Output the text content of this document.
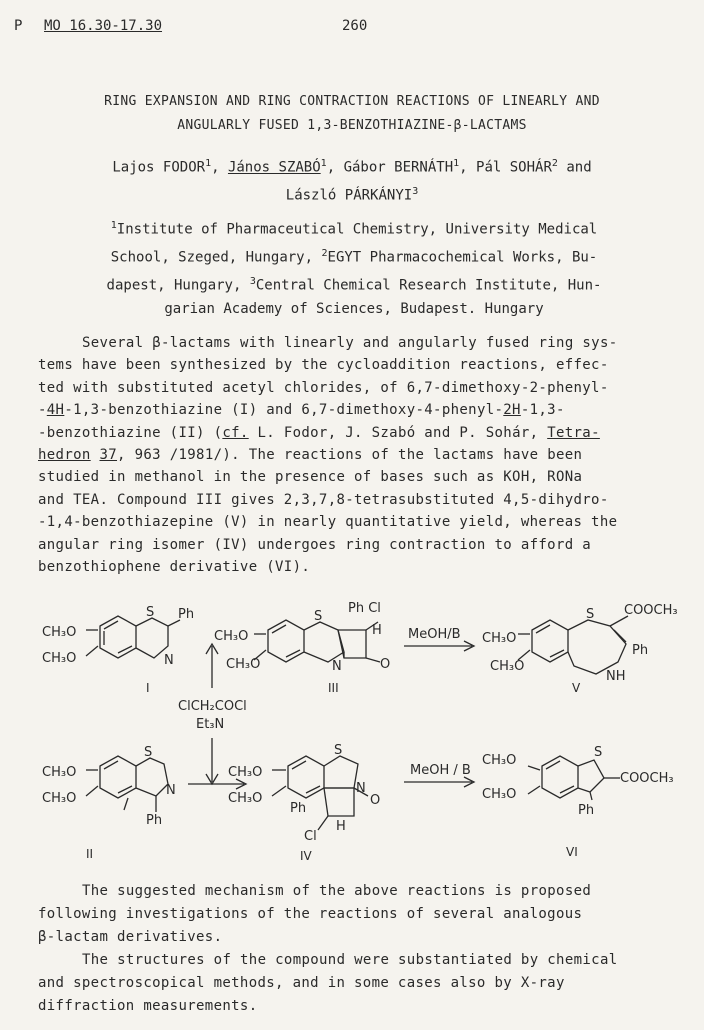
P MO 16.30-17.30	260
RING EXPANSION AND RING CONTRACTION REACTIONS OF LINEARLY AND
ANGULARLY FUSED 1,3-BENZOTHIAZINE-β-LACTAMS
Lajos FODOR$^1$, János SZABÓ$^1$, Gábor BERNÁTH$^1$, Pál SOHÁR$^2$ and
László PÁRKÁNYI$^3$
$^1$Institute of Pharmaceutical Chemistry, University Medical
School, Szeged, Hungary, $^2$EGYT Pharmacochemical Works, Bu-
dapest, Hungary, $^3$Central Chemical Research Institute, Hun-
garian Academy of Sciences, Budapest. Hungary
Several β-lactams with linearly and angularly fused ring sys-
tems have been synthesized by the cycloaddition reactions, effec-
ted with substituted acetyl chlorides, of 6,7-dimethoxy-2-phenyl-
-4H-1,3-benzothiazine (I) and 6,7-dimethoxy-4-phenyl-2H-1,3-
-benzothiazine (II) (cf. L. Fodor, J. Szabó and P. Sohár, Tetra-
hedron 37, 963 /1981/). The reactions of the lactams have been
studied in methanol in the presence of bases such as KOH, RONa
and TEA. Compound III gives 2,3,7,8-tetrasubstituted 4,5-dihydro-
-1,4-benzothiazepine (V) in nearly quantitative yield, whereas the
angular ring isomer (IV) undergoes ring contraction to afford a
benzothiophene derivative (VI).
CH₃O
CH₃O
S Ph
N
I
ClCH₂COCl
Et₃N
CH₃O
CH₃O
S
Ph Cl
H
N	O
III
MeOH/B CH₃O
CH₃O
S COOCH₃
Ph
NH
V
CH₃O
CH₃O
S
N
Ph
II
CH₃O
CH₃O
S
N
O
Ph
Cl
H
IV
MeOH / B
CH₃O
CH₃O
S
COOCH₃
Ph
VI
The suggested mechanism of the above reactions is proposed
following investigations of the reactions of several analogous
β-lactam derivatives.
The structures of the compound were substantiated by chemical
and spectroscopical methods, and in some cases also by X-ray
diffraction measurements.
